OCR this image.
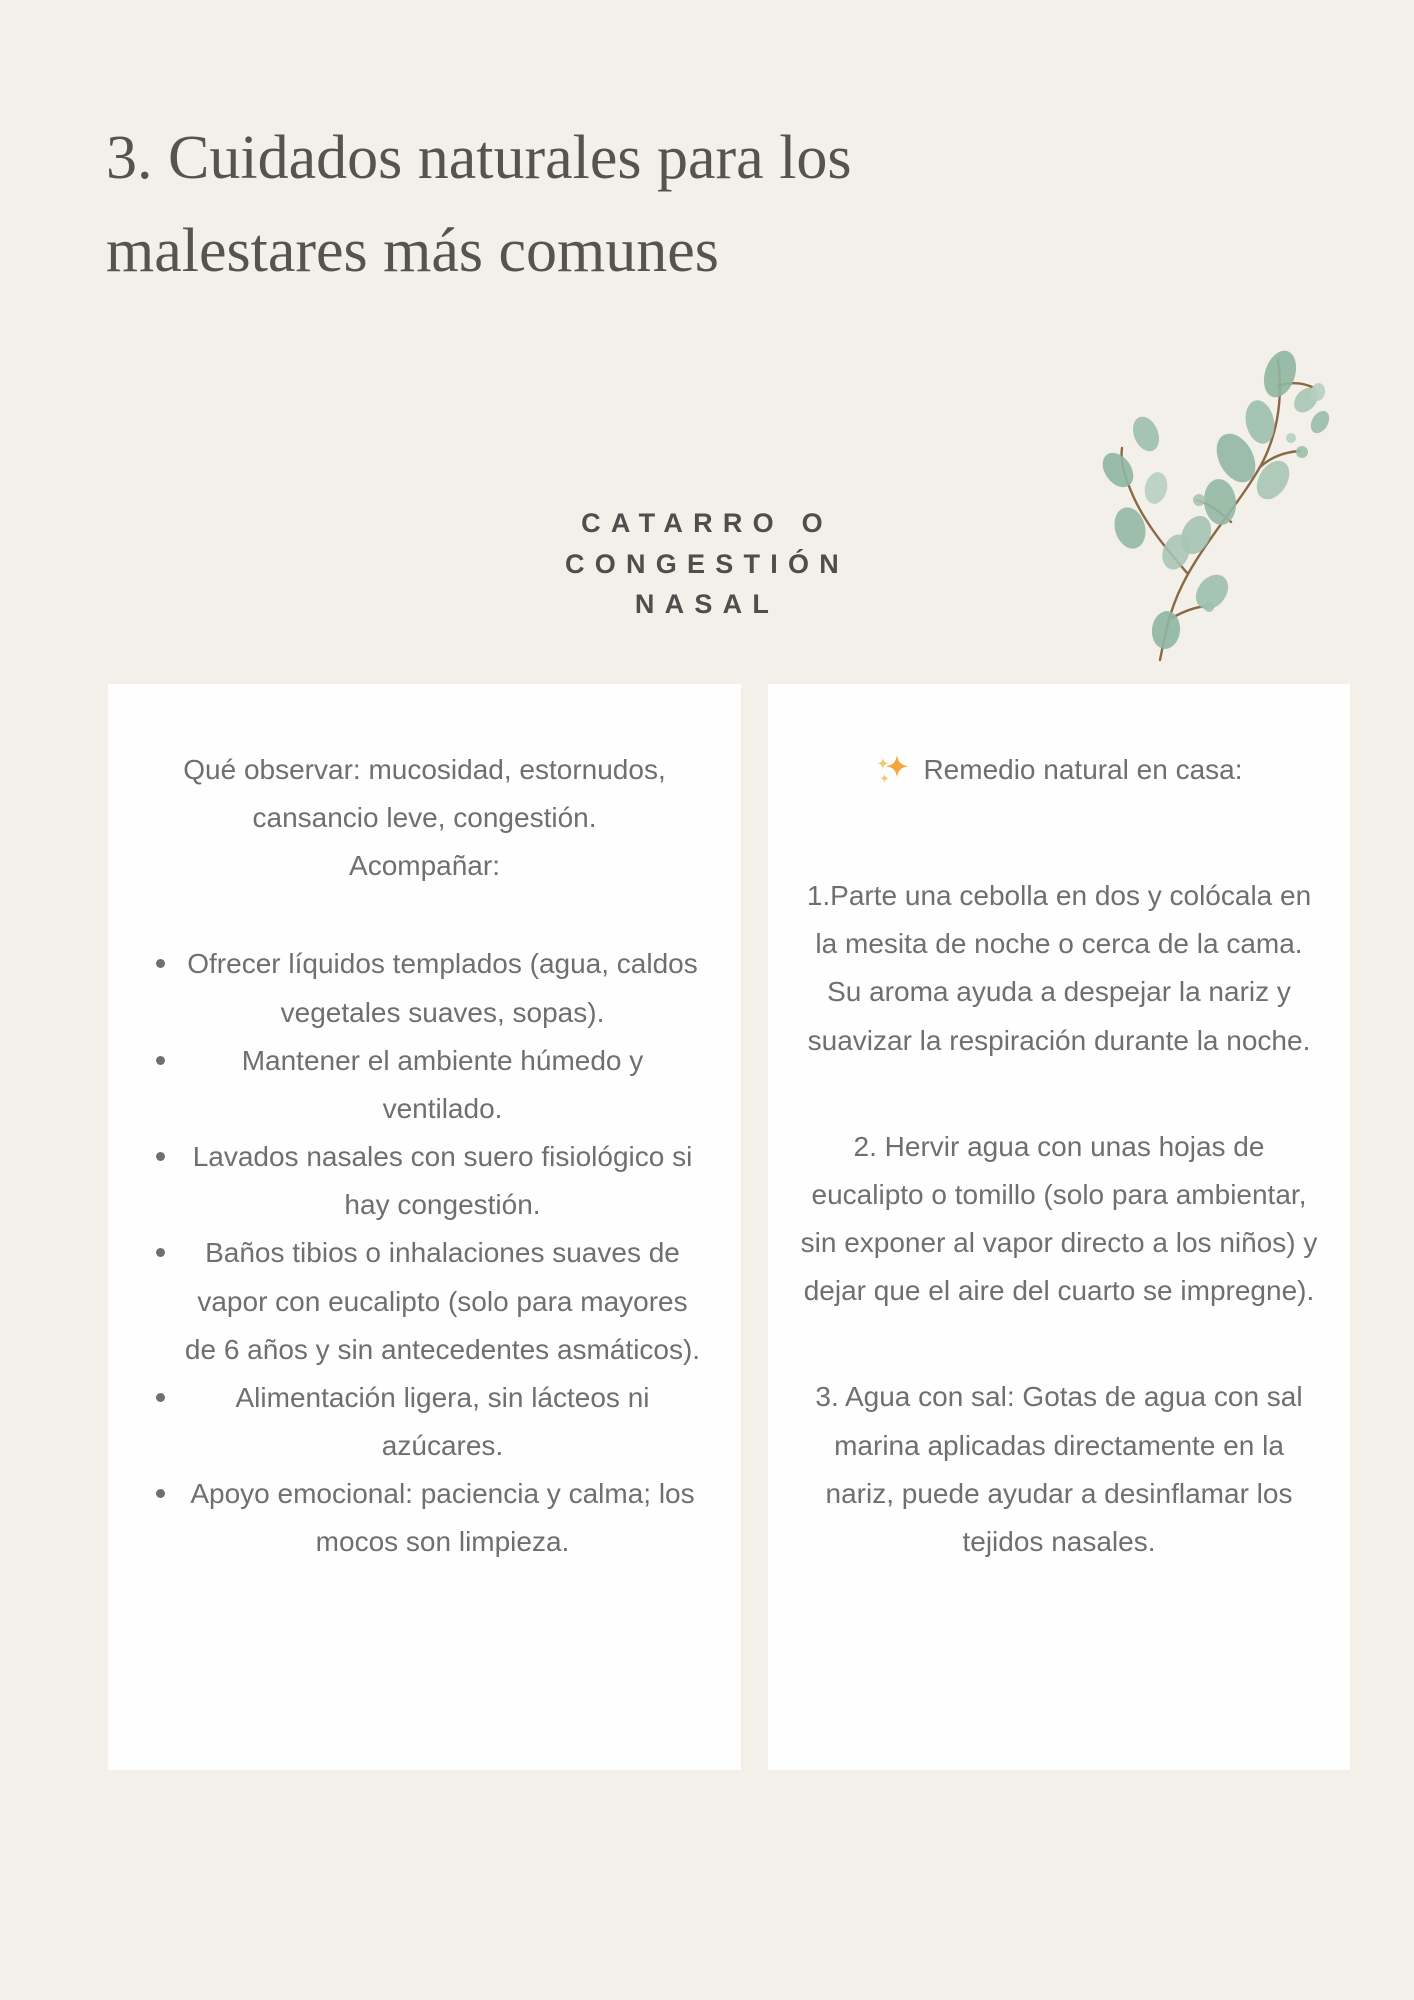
3. Cuidados naturales para los
malestares más comunes
CATARRO O
CONGESTIÓN
NASAL

Qué observar: mucosidad, estornudos, cansancio leve, congestión.
Acompañar:

Ofrecer líquidos templados (agua, caldos vegetales suaves, sopas).
Mantener el ambiente húmedo y ventilado.
Lavados nasales con suero fisiológico si hay congestión.
Baños tibios o inhalaciones suaves de vapor con eucalipto (solo para mayores de 6 años y sin antecedentes asmáticos).
Alimentación ligera, sin lácteos ni azúcares.
Apoyo emocional: paciencia y calma; los mocos son limpieza.
Remedio natural en casa:

1.Parte una cebolla en dos y colócala en la mesita de noche o cerca de la cama. Su aroma ayuda a despejar la nariz y suavizar la respiración durante la noche.

2. Hervir agua con unas hojas de eucalipto o tomillo (solo para ambientar, sin exponer al vapor directo a los niños) y dejar que el aire del cuarto se impregne).

3. Agua con sal: Gotas de agua con sal marina aplicadas directamente en la nariz, puede ayudar a desinflamar los tejidos nasales.
